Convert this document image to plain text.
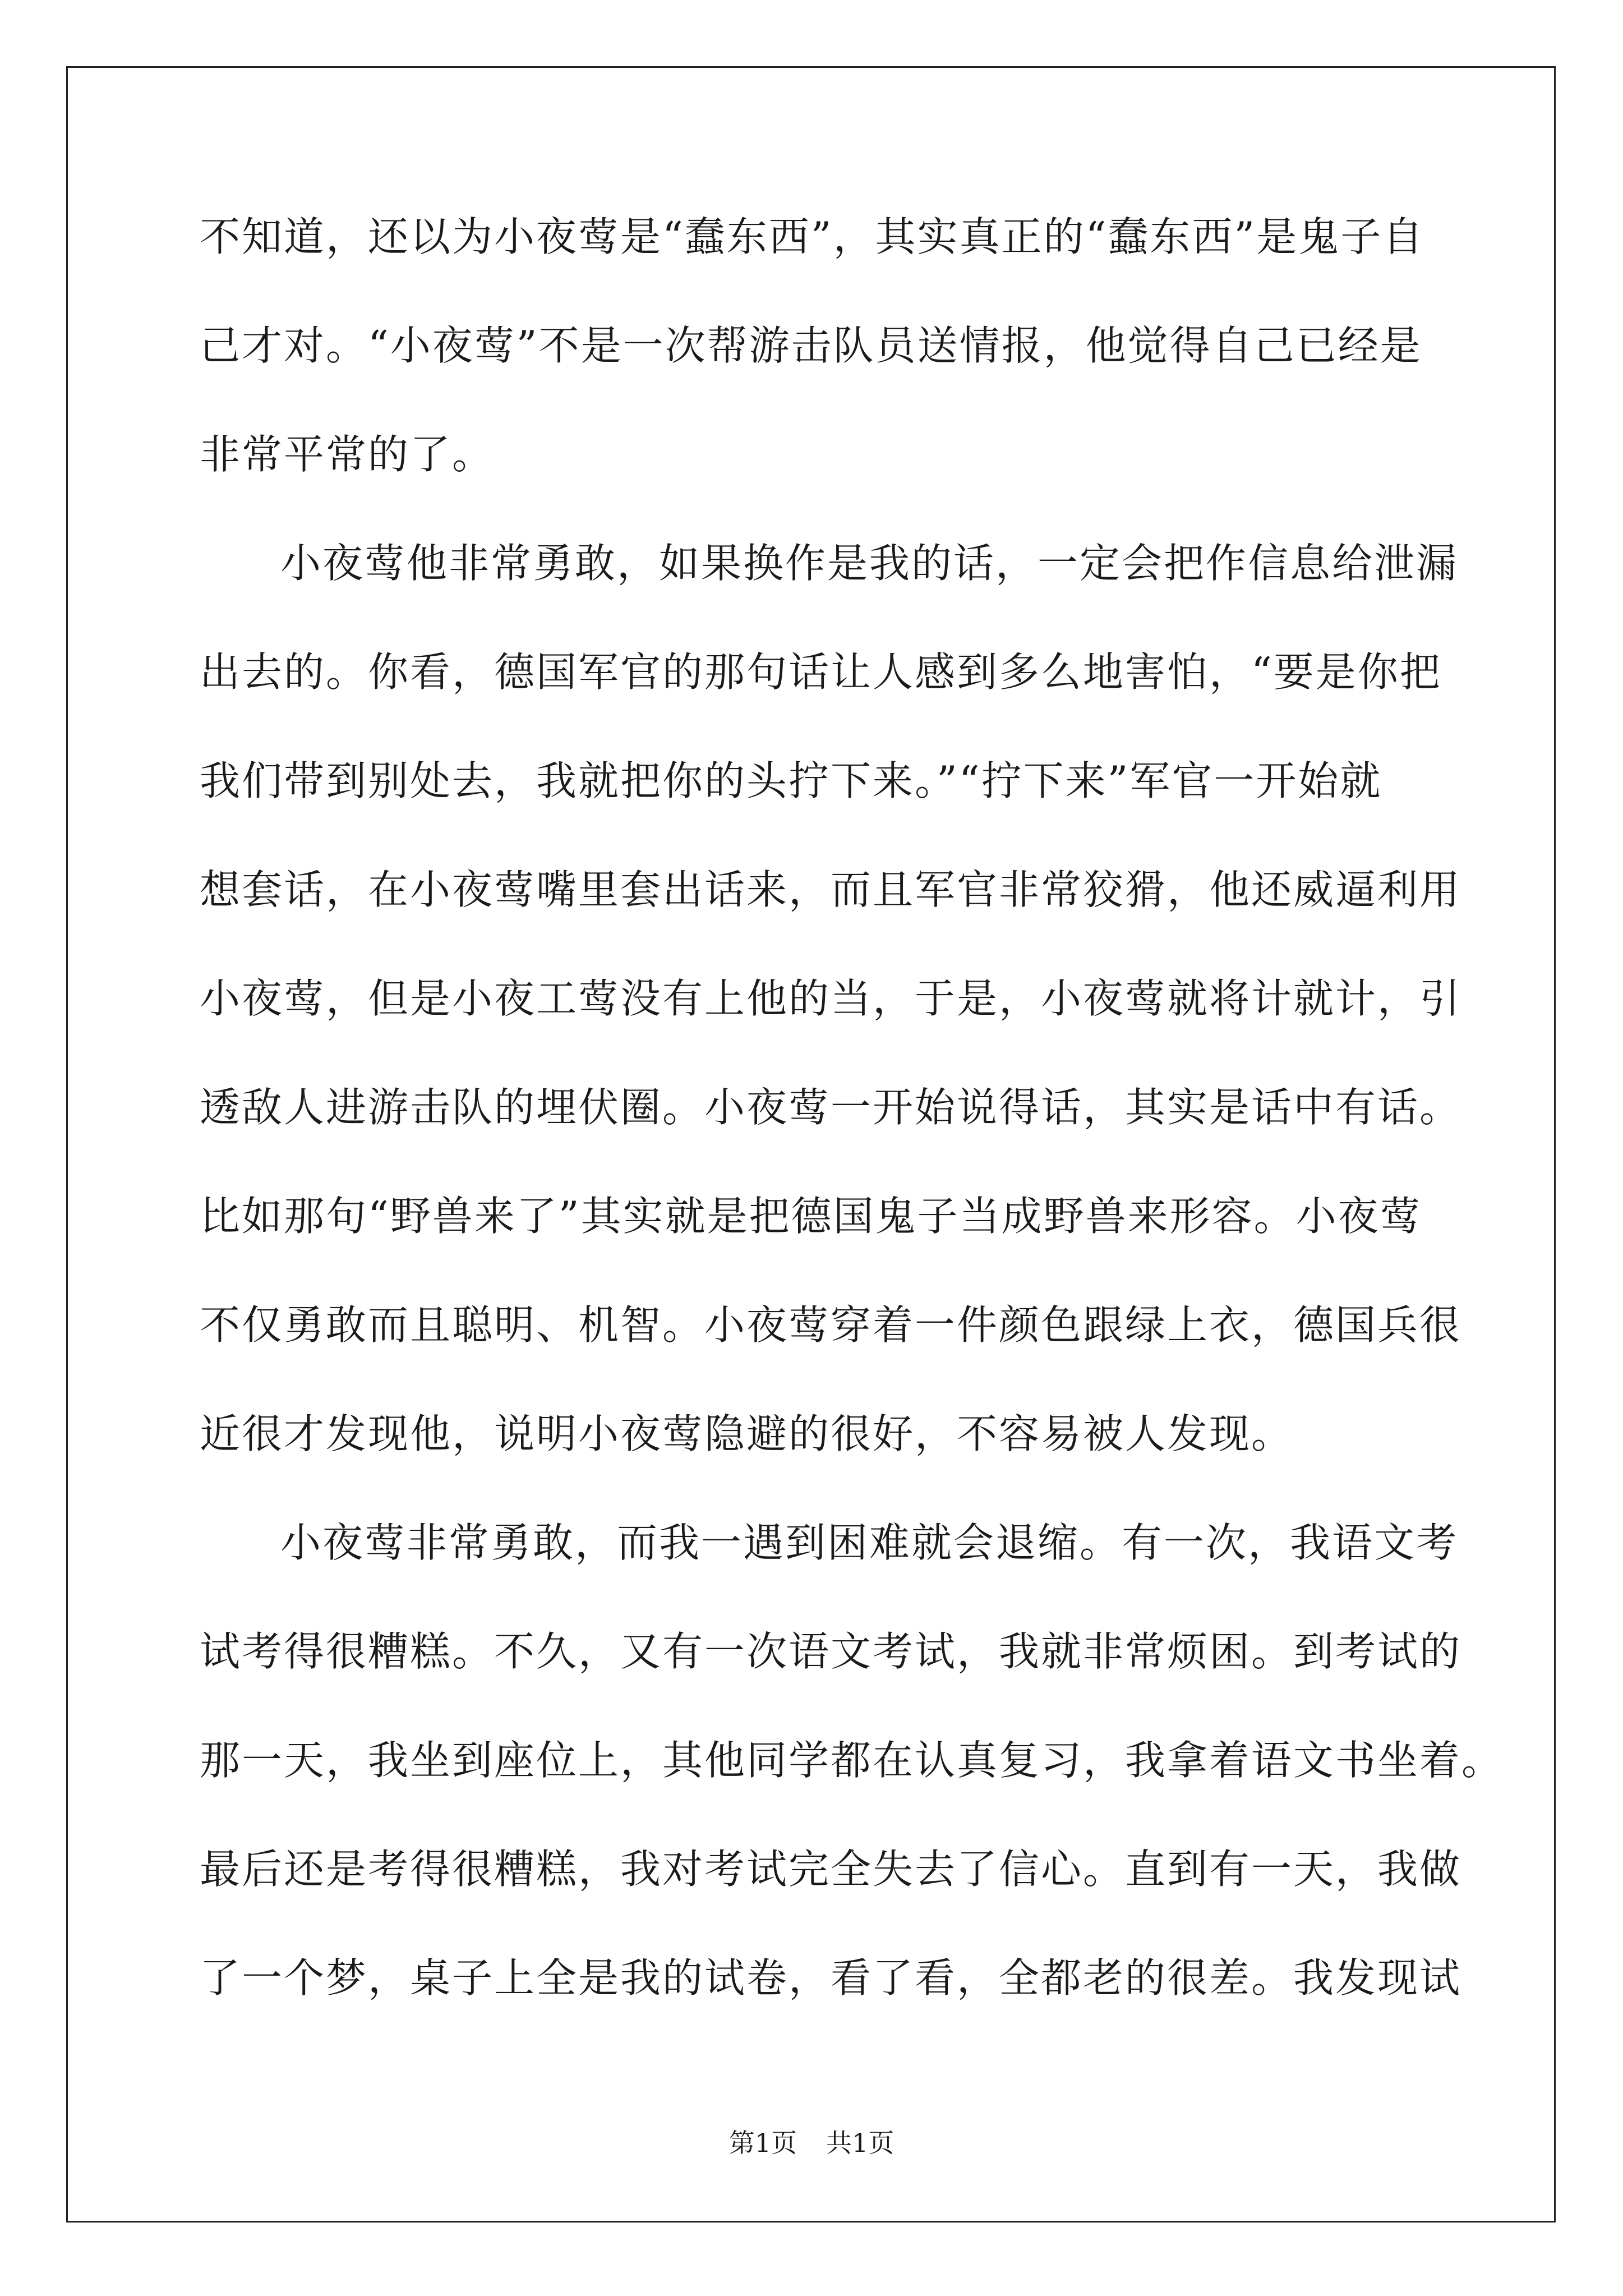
不知道，还以为小夜莺是“蠢东西”，其实真正的“蠢东西”是鬼子自
己才对。“小夜莺”不是一次帮游击队员送情报，他觉得自己已经是
非常平常的了。
小夜莺他非常勇敢，如果换作是我的话，一定会把作信息给泄漏
出去的。你看，德国军官的那句话让人感到多么地害怕，“要是你把
我们带到别处去，我就把你的头拧下来。”“拧下来”军官一开始就
想套话，在小夜莺嘴里套出话来，而且军官非常狡猾，他还威逼利用
小夜莺，但是小夜工莺没有上他的当，于是，小夜莺就将计就计，引
透敌人进游击队的埋伏圈。小夜莺一开始说得话，其实是话中有话。
比如那句“野兽来了”其实就是把德国鬼子当成野兽来形容。小夜莺
不仅勇敢而且聪明、机智。小夜莺穿着一件颜色跟绿上衣，德国兵很
近很才发现他，说明小夜莺隐避的很好，不容易被人发现。
小夜莺非常勇敢，而我一遇到困难就会退缩。有一次，我语文考
试考得很糟糕。不久，又有一次语文考试，我就非常烦困。到考试的
那一天，我坐到座位上，其他同学都在认真复习，我拿着语文书坐着。
最后还是考得很糟糕，我对考试完全失去了信心。直到有一天，我做
了一个梦，桌子上全是我的试卷，看了看，全都老的很差。我发现试
第1页 共1页
